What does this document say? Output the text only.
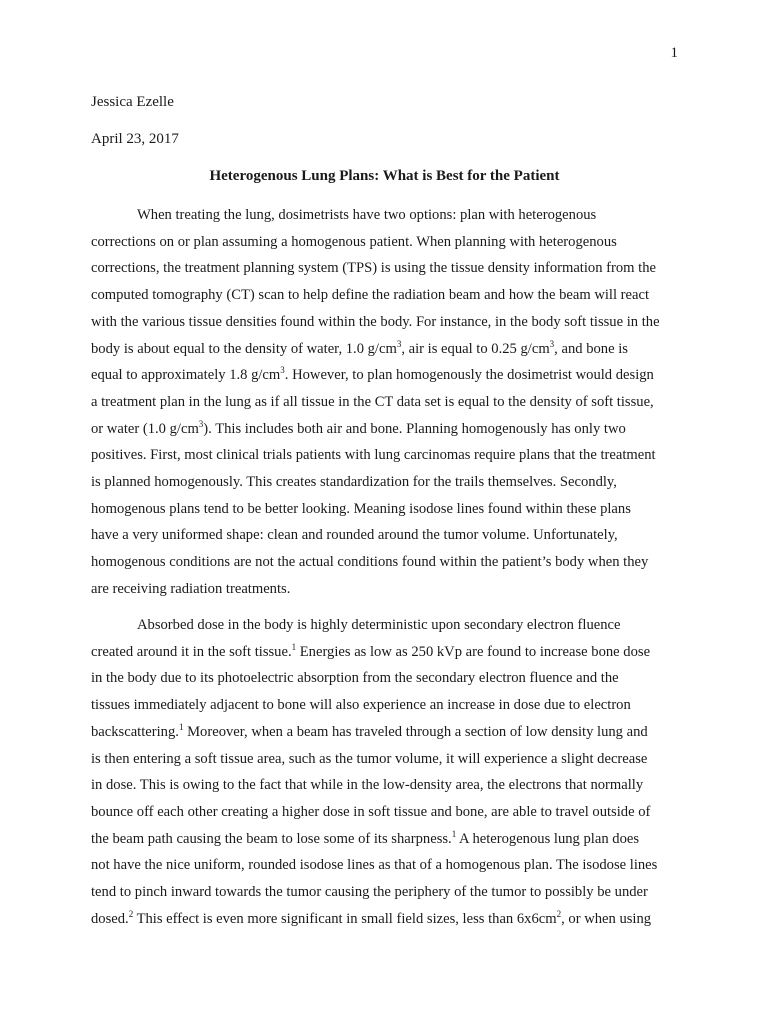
1
Jessica Ezelle
April 23, 2017
Heterogenous Lung Plans: What is Best for the Patient

When treating the lung, dosimetrists have two options: plan with heterogenous
corrections on or plan assuming a homogenous patient. When planning with heterogenous
corrections, the treatment planning system (TPS) is using the tissue density information from the
computed tomography (CT) scan to help define the radiation beam and how the beam will react
with the various tissue densities found within the body. For instance, in the body soft tissue in the
body is about equal to the density of water, 1.0 $g/cm^3$, air is equal to 0.25 $g/cm^3$, and bone is
equal to approximately 1.8 $g/cm^3$. However, to plan homogenously the dosimetrist would design
a treatment plan in the lung as if all tissue in the CT data set is equal to the density of soft tissue,
or water (1.0 $g/cm^3$). This includes both air and bone. Planning homogenously has only two
positives. First, most clinical trials patients with lung carcinomas require plans that the treatment
is planned homogenously. This creates standardization for the trails themselves. Secondly,
homogenous plans tend to be better looking. Meaning isodose lines found within these plans
have a very uniformed shape: clean and rounded around the tumor volume. Unfortunately,
homogenous conditions are not the actual conditions found within the patient’s body when they
are receiving radiation treatments.

Absorbed dose in the body is highly deterministic upon secondary electron fluence
created around it in the soft tissue.$^1$ Energies as low as 250 kVp are found to increase bone dose
in the body due to its photoelectric absorption from the secondary electron fluence and the
tissues immediately adjacent to bone will also experience an increase in dose due to electron
backscattering.$^1$ Moreover, when a beam has traveled through a section of low density lung and
is then entering a soft tissue area, such as the tumor volume, it will experience a slight decrease
in dose. This is owing to the fact that while in the low-density area, the electrons that normally
bounce off each other creating a higher dose in soft tissue and bone, are able to travel outside of
the beam path causing the beam to lose some of its sharpness.$^1$ A heterogenous lung plan does
not have the nice uniform, rounded isodose lines as that of a homogenous plan. The isodose lines
tend to pinch inward towards the tumor causing the periphery of the tumor to possibly be under
dosed.$^2$ This effect is even more significant in small field sizes, less than $6x6cm^2$, or when using
